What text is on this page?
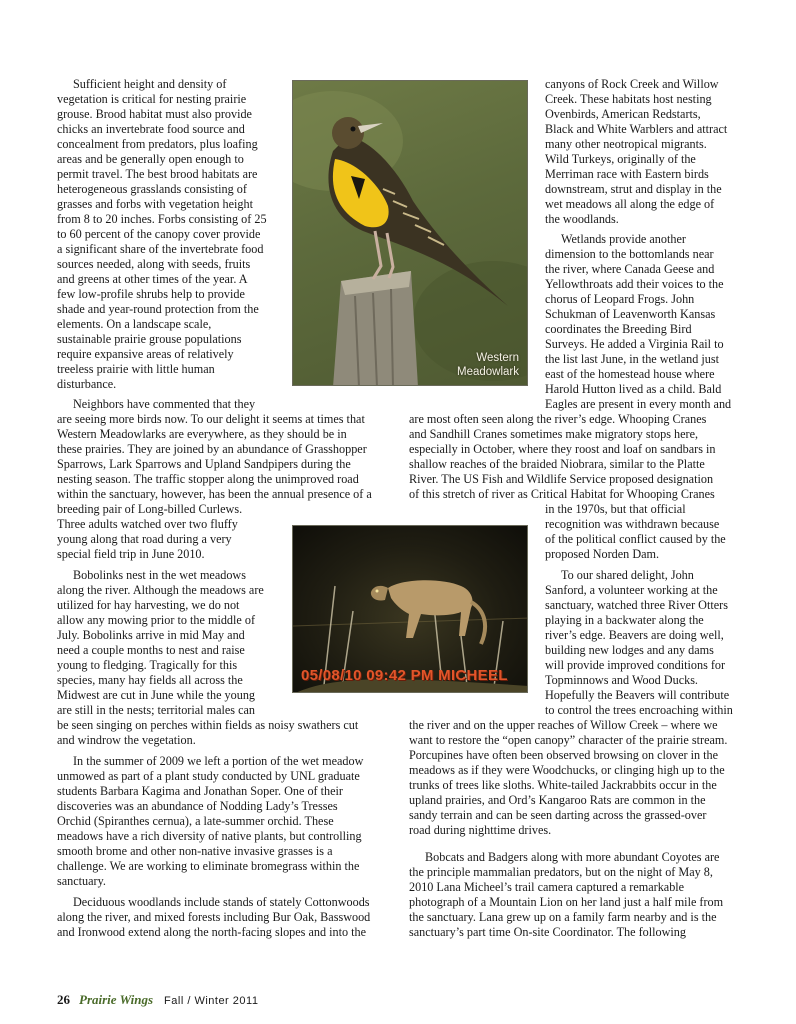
Sufficient height and density of
vegetation is critical for nesting prairie
grouse. Brood habitat must also provide
chicks an invertebrate food source and
concealment from predators, plus loafing
areas and be generally open enough to
permit travel. The best brood habitats are
heterogeneous grasslands consisting of
grasses and forbs with vegetation height
from 8 to 20 inches. Forbs consisting of 25
to 60 percent of the canopy cover provide
a significant share of the invertebrate food
sources needed, along with seeds, fruits
and greens at other times of the year. A
few low-profile shrubs help to provide
shade and year-round protection from the
elements. On a landscape scale,
sustainable prairie grouse populations
require expansive areas of relatively
treeless prairie with little human
disturbance.
Neighbors have commented that they
are seeing more birds now. To our delight it seems at times that
Western Meadowlarks are everywhere, as they should be in
these prairies. They are joined by an abundance of Grasshopper
Sparrows, Lark Sparrows and Upland Sandpipers during the
nesting season. The traffic stopper along the unimproved road
within the sanctuary, however, has been the annual presence of a
breeding pair of Long-billed Curlews.
Three adults watched over two fluffy
young along that road during a very
special field trip in June 2010.
Bobolinks nest in the wet meadows
along the river. Although the meadows are
utilized for hay harvesting, we do not
allow any mowing prior to the middle of
July. Bobolinks arrive in mid May and
need a couple months to nest and raise
young to fledging. Tragically for this
species, many hay fields all across the
Midwest are cut in June while the young
are still in the nests; territorial males can
be seen singing on perches within fields as noisy swathers cut
and windrow the vegetation.
In the summer of 2009 we left a portion of the wet meadow
unmowed as part of a plant study conducted by UNL graduate
students Barbara Kagima and Jonathan Soper. One of their
discoveries was an abundance of Nodding Lady’s Tresses
Orchid (Spiranthes cernua), a late-summer orchid. These
meadows have a rich diversity of native plants, but controlling
smooth brome and other non-native invasive grasses is a
challenge. We are working to eliminate bromegrass within the
sanctuary.
Deciduous woodlands include stands of stately Cottonwoods
along the river, and mixed forests including Bur Oak, Basswood
and Ironwood extend along the north-facing slopes and into the
canyons of Rock Creek and Willow
Creek. These habitats host nesting
Ovenbirds, American Redstarts,
Black and White Warblers and attract
many other neotropical migrants.
Wild Turkeys, originally of the
Merriman race with Eastern birds
downstream, strut and display in the
wet meadows all along the edge of
the woodlands.
Wetlands provide another
dimension to the bottomlands near
the river, where Canada Geese and
Yellowthroats add their voices to the
chorus of Leopard Frogs. John
Schukman of Leavenworth Kansas
coordinates the Breeding Bird
Surveys. He added a Virginia Rail to
the list last June, in the wetland just
east of the homestead house where
Harold Hutton lived as a child. Bald
Eagles are present in every month and
are most often seen along the river’s edge. Whooping Cranes
and Sandhill Cranes sometimes make migratory stops here,
especially in October, where they roost and loaf on sandbars in
shallow reaches of the braided Niobrara, similar to the Platte
River. The US Fish and Wildlife Service proposed designation
of this stretch of river as Critical Habitat for Whooping Cranes
in the 1970s, but that official
recognition was withdrawn because
of the political conflict caused by the
proposed Norden Dam.
To our shared delight, John
Sanford, a volunteer working at the
sanctuary, watched three River Otters
playing in a backwater along the
river’s edge. Beavers are doing well,
building new lodges and any dams
will provide improved conditions for
Topminnows and Wood Ducks.
Hopefully the Beavers will contribute
to control the trees encroaching within
the river and on the upper reaches of Willow Creek – where we
want to restore the “open canopy” character of the prairie stream.
Porcupines have often been observed browsing on clover in the
meadows as if they were Woodchucks, or clinging high up to the
trunks of trees like sloths. White-tailed Jackrabbits occur in the
upland prairies, and Ord’s Kangaroo Rats are common in the
sandy terrain and can be seen darting across the grassed-over
road during nighttime drives.
Bobcats and Badgers along with more abundant Coyotes are
the principle mammalian predators, but on the night of May 8,
2010 Lana Micheel’s trail camera captured a remarkable
photograph of a Mountain Lion on her land just a half mile from
the sanctuary. Lana grew up on a family farm nearby and is the
sanctuary’s part time On-site Coordinator. The following
Western
Meadowlark
05/08/10 09:42 PM MICHEEL
26 Prairie Wings Fall / Winter 2011
